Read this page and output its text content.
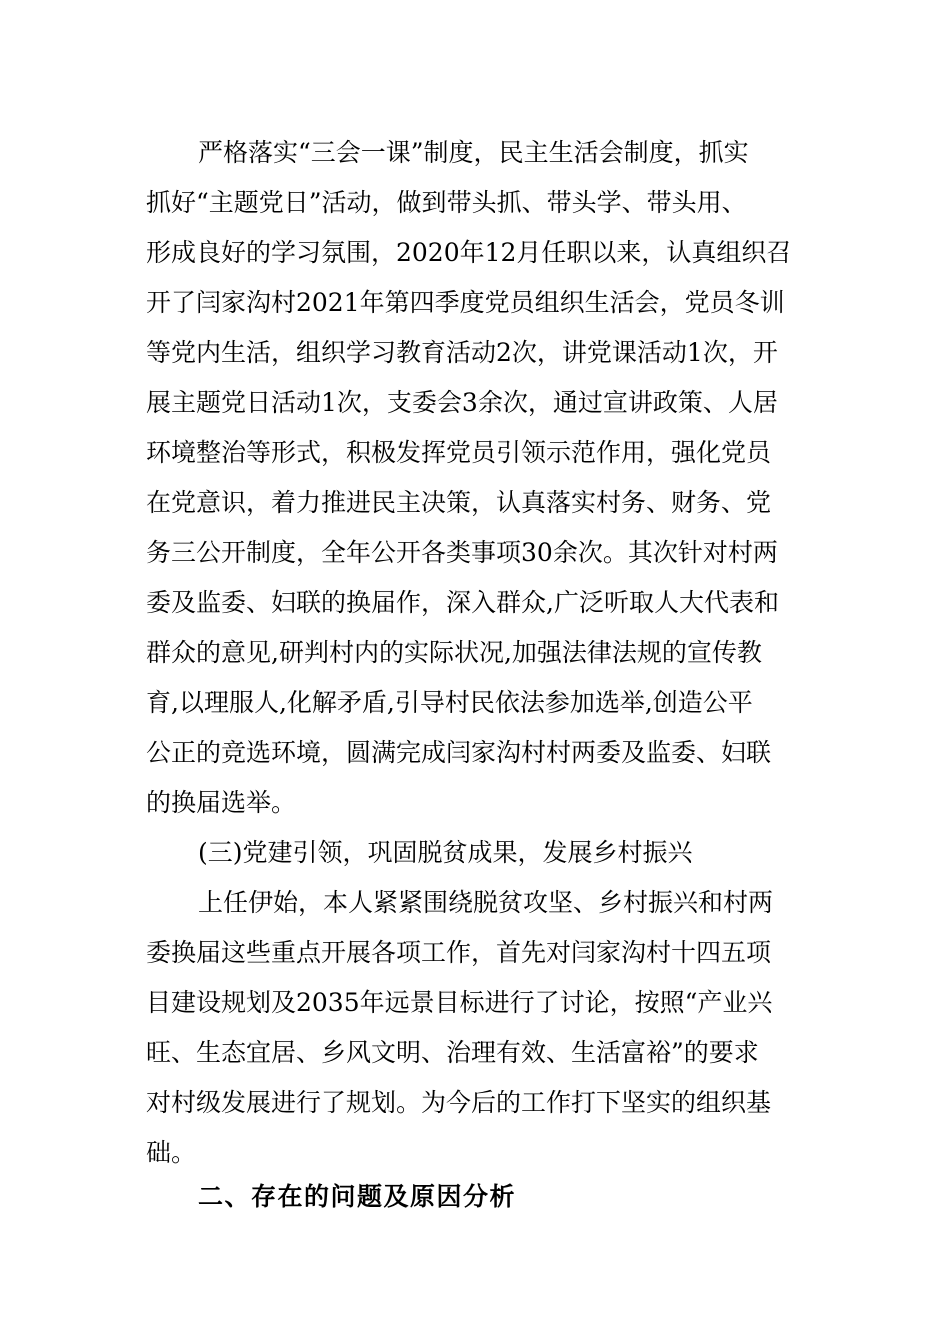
严格落实“三会一课”制度，民主生活会制度，抓实
抓好“主题党日”活动，做到带头抓、带头学、带头用、
形成良好的学习氛围，2020年12月任职以来，认真组织召
开了闫家沟村2021年第四季度党员组织生活会，党员冬训
等党内生活，组织学习教育活动2次，讲党课活动1次，开
展主题党日活动1次，支委会3余次，通过宣讲政策、人居
环境整治等形式，积极发挥党员引领示范作用，强化党员
在党意识，着力推进民主决策，认真落实村务、财务、党
务三公开制度，全年公开各类事项30余次。其次针对村两
委及监委、妇联的换届作，深入群众,广泛听取人大代表和
群众的意见,研判村内的实际状况,加强法律法规的宣传教
育,以理服人,化解矛盾,引导村民依法参加选举,创造公平
公正的竞选环境，圆满完成闫家沟村村两委及监委、妇联
的换届选举。
(三)党建引领，巩固脱贫成果，发展乡村振兴
上任伊始，本人紧紧围绕脱贫攻坚、乡村振兴和村两
委换届这些重点开展各项工作，首先对闫家沟村十四五项
目建设规划及2035年远景目标进行了讨论，按照“产业兴
旺、生态宜居、乡风文明、治理有效、生活富裕”的要求
对村级发展进行了规划。为今后的工作打下坚实的组织基
础。
二、存在的问题及原因分析
